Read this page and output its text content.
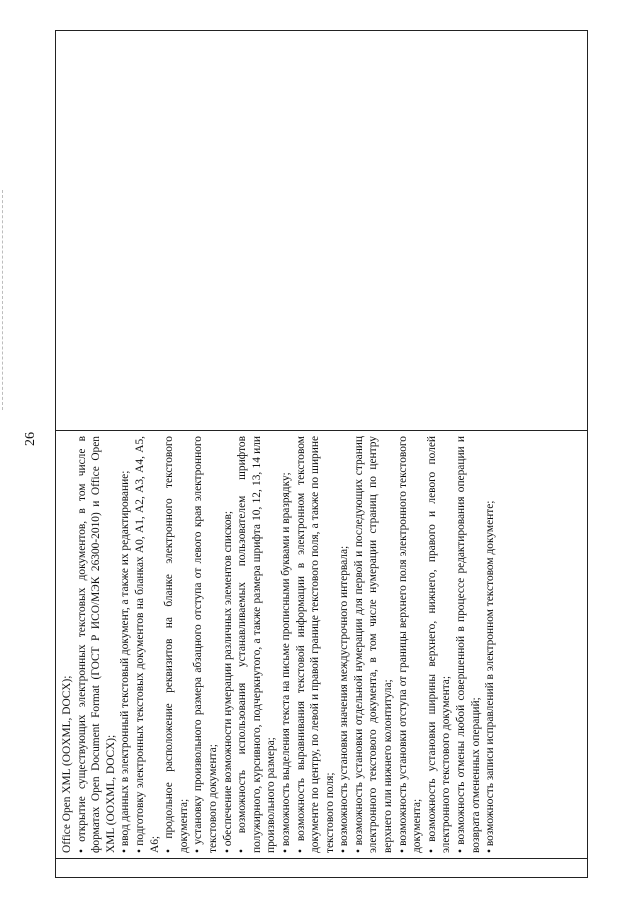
26

Office Open XML (OOXML, DOCX); • открытие существующих электронных текстовых документов, в том числе в форматах Open Document Format (ГОСТ Р ИСО/МЭК 26300-2010) и Office Open XML (OOXML, DOCX); • ввод данных в электронный текстовый документ, а также их редактирование; • подготовку электронных текстовых документов на бланках А0, А1, А2, А3, А4, А5, А6; • продольное расположение реквизитов на бланке электронного текстового документа; • установку произвольного размера абзацного отступа от левого края электронного текстового документа; • обеспечение возможности нумерации различных элементов списков; • возможность использования устанавливаемых пользователем шрифтов полужирного, курсивного, подчеркнутого, а также размера шрифта 10, 12, 13, 14 или произвольного размера; • возможность выделения текста на письме прописными буквами и вразрядку; • возможность выравнивания текстовой информации в электронном текстовом документе по центру, по левой и правой границе текстового поля, а также по ширине текстового поля; • возможность установки значения междустрочного интервала; • возможность установки отдельной нумерации для первой и последующих страниц электронного текстового документа, в том числе нумерации страниц по центру верхнего или нижнего колонтитула; • возможность установки отступа от границы верхнего поля электронного текстового документа; • возможность установки ширины верхнего, нижнего, правого и левого полей электронного текстового документа; • возможность отмены любой совершенной в процессе редактирования операции и возврата отмененных операций; • возможность записи исправлений в электронном текстовом документе;
